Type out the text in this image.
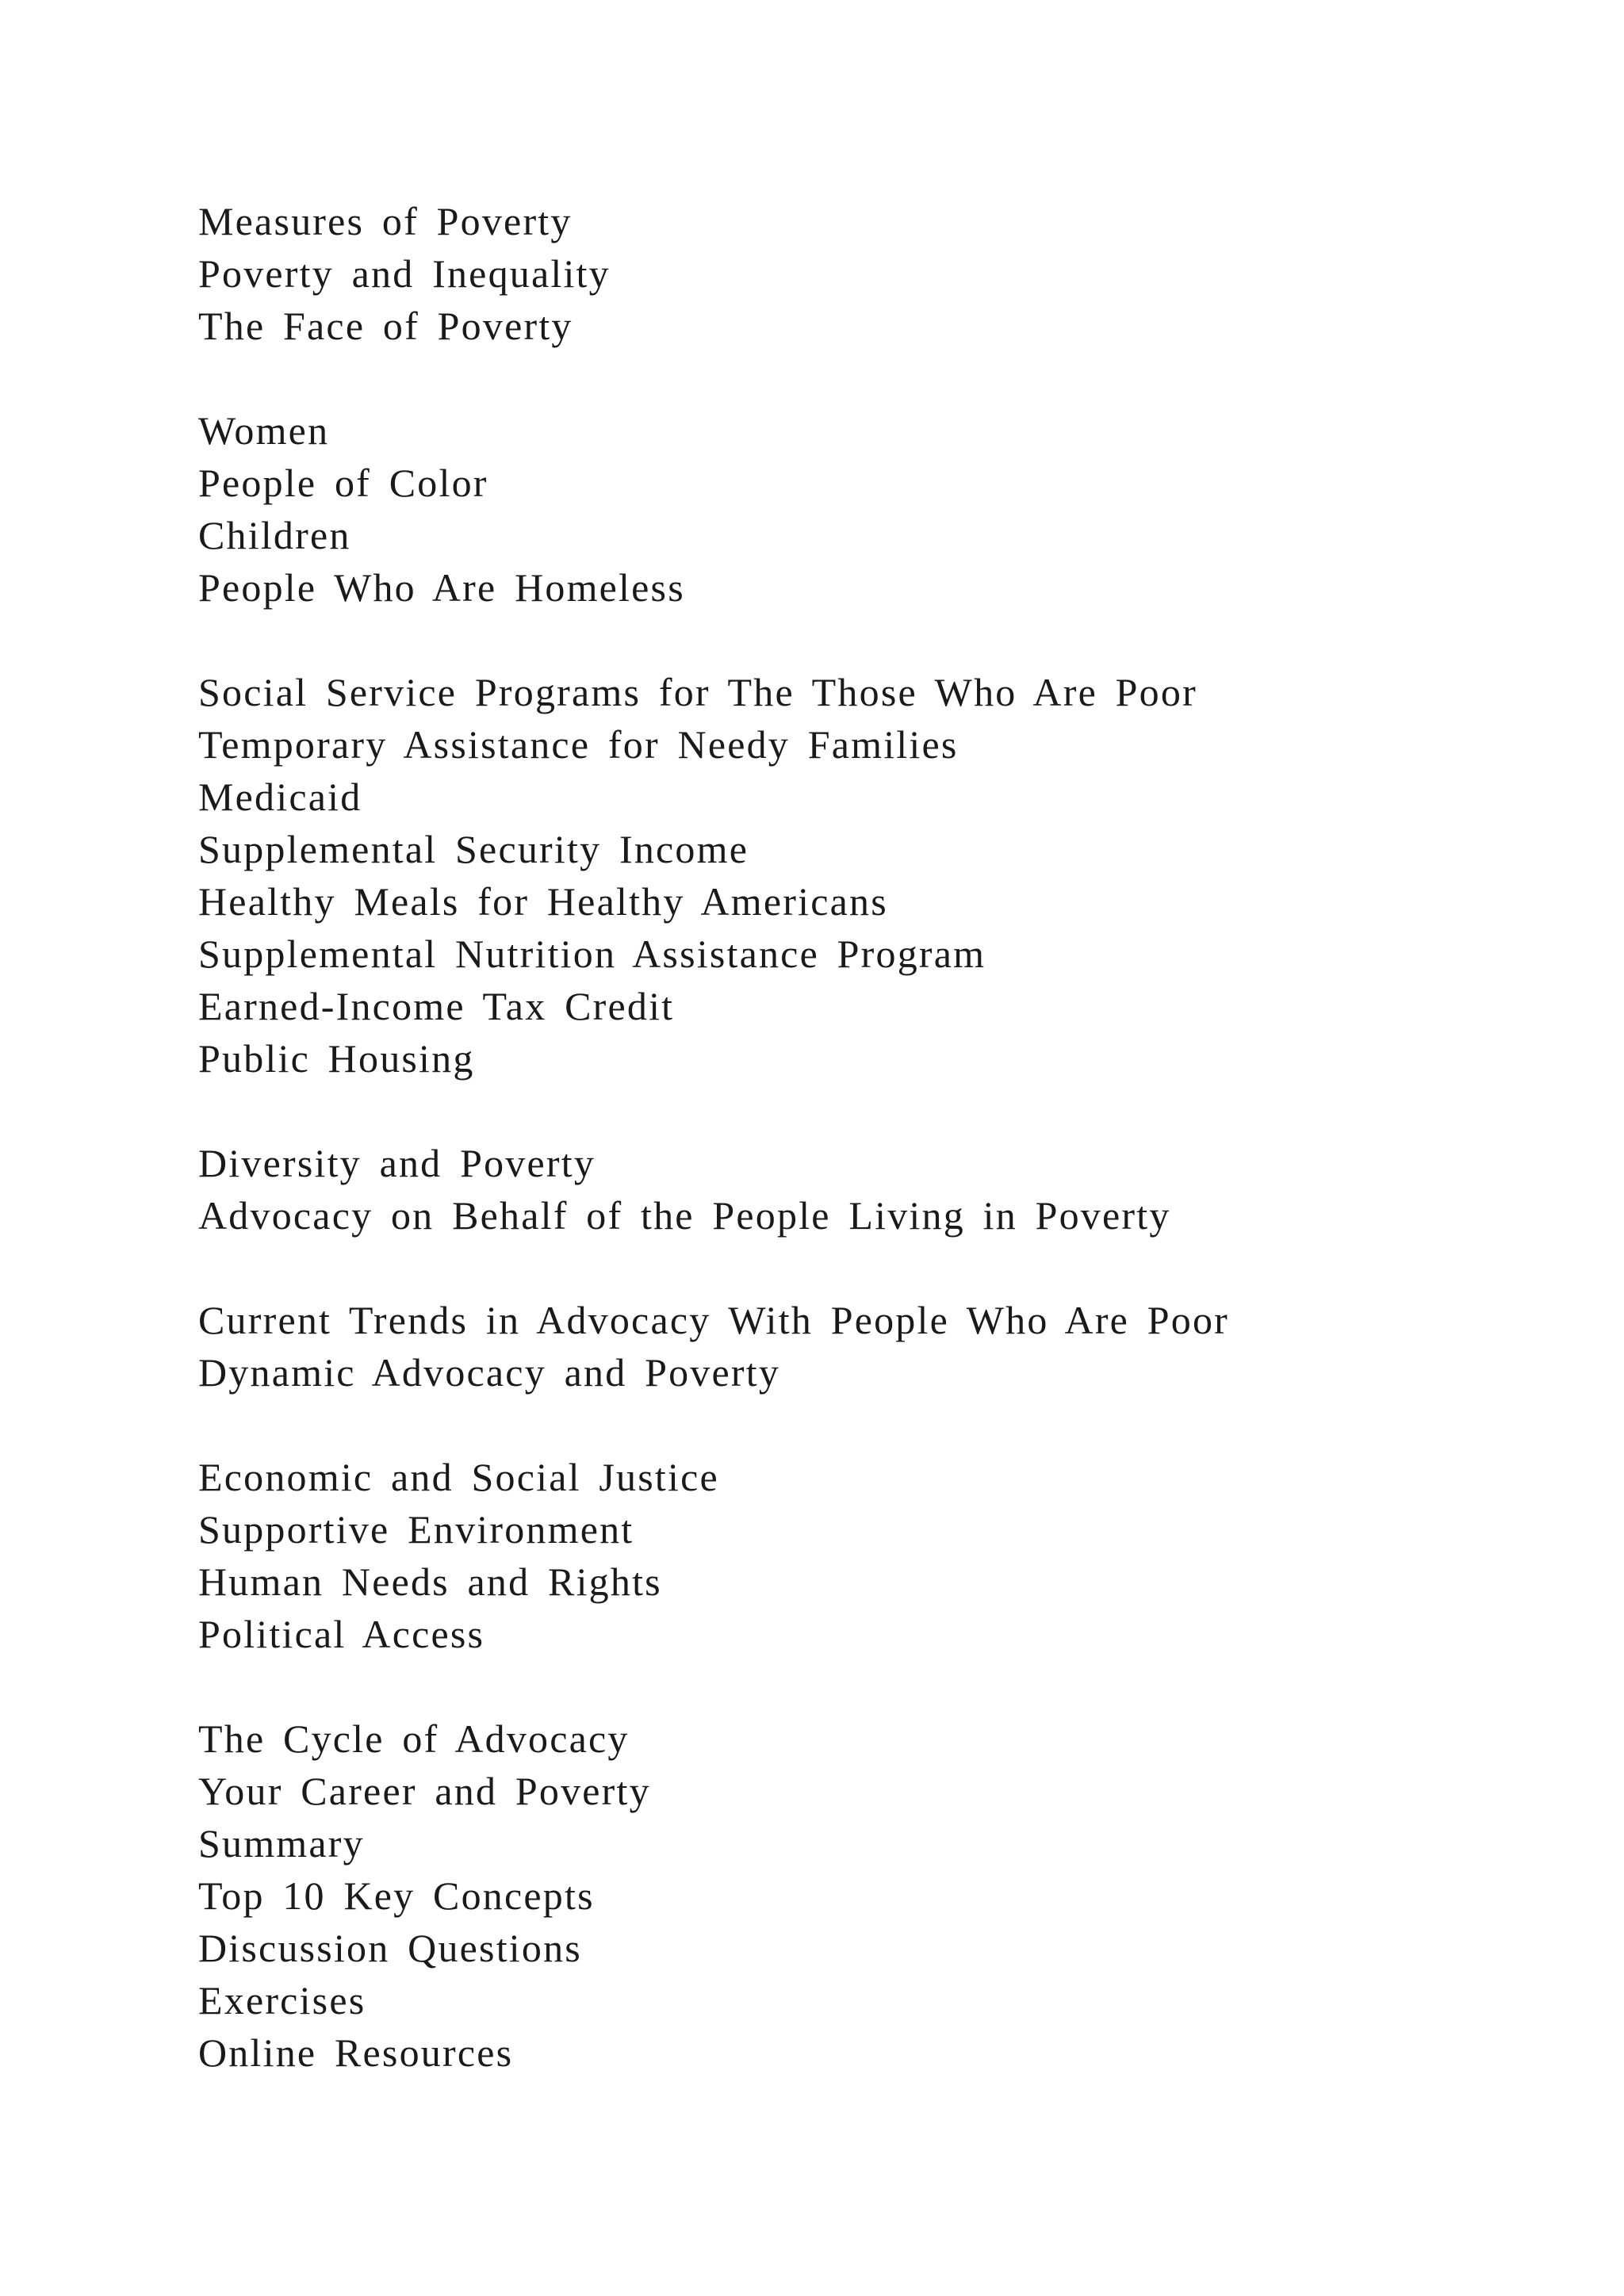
Measures of Poverty

Poverty and Inequality

The Face of Poverty

Women

People of Color

Children

People Who Are Homeless

Social Service Programs for The Those Who Are Poor

Temporary Assistance for Needy Families

Medicaid

Supplemental Security Income

Healthy Meals for Healthy Americans

Supplemental Nutrition Assistance Program

Earned-Income Tax Credit

Public Housing

Diversity and Poverty

Advocacy on Behalf of the People Living in Poverty

Current Trends in Advocacy With People Who Are Poor

Dynamic Advocacy and Poverty

Economic and Social Justice

Supportive Environment

Human Needs and Rights

Political Access

The Cycle of Advocacy

Your Career and Poverty

Summary

Top 10 Key Concepts

Discussion Questions

Exercises

Online Resources
